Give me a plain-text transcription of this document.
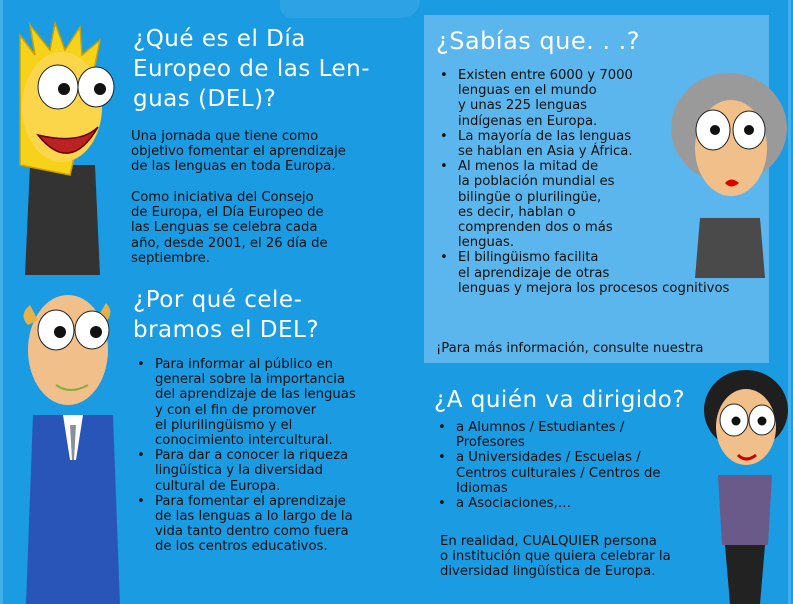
¿Qué es el Día
Europeo de las Len-
guas (DEL)?

Una jornada que tiene como
objetivo fomentar el aprendizaje
de las lenguas en toda Europa.

Como iniciativa del Consejo
de Europa, el Día Europeo de
las Lenguas se celebra cada
año, desde 2001, el 26 día de
septiembre.

¿Por qué cele-
bramos el DEL?
• Para informar al público en
general sobre la importancia
del aprendizaje de las lenguas
y con el fin de promover
el plurilingüismo y el
conocimiento intercultural.
• Para dar a conocer la riqueza
lingüística y la diversidad
cultural de Europa.
• Para fomentar el aprendizaje
de las lenguas a lo largo de la
vida tanto dentro como fuera
de los centros educativos.
¿Sabías que. . .?
• Existen entre 6000 y 7000
lenguas en el mundo
y unas 225 lenguas
indígenas en Europa.
• La mayoría de las lenguas
se hablan en Asia y África.
• Al menos la mitad de
la población mundial es
bilingüe o plurilingüe,
es decir, hablan o
comprenden dos o más
lenguas.
• El bilingüismo facilita
el aprendizaje de otras
lenguas y mejora los procesos cognitivos

¡Para más información, consulte nuestra

¿A quién va dirigido?
• a Alumnos / Estudiantes /
Profesores
• a Universidades / Escuelas /
Centros culturales / Centros de
Idiomas
• a Asociaciones,…

En realidad, CUALQUIER persona
o institución que quiera celebrar la
diversidad lingüística de Europa.
